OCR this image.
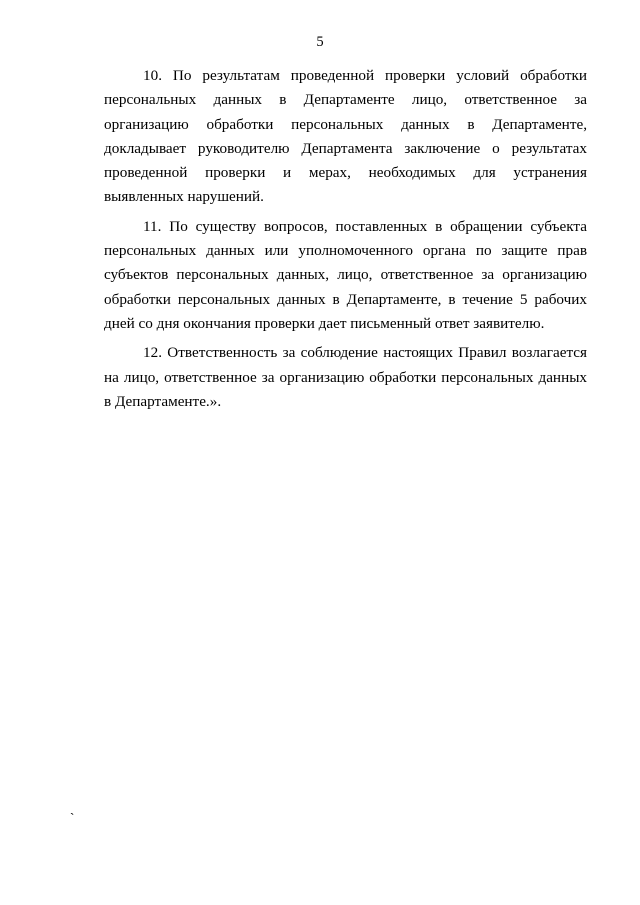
5

10. По результатам проведенной проверки условий обработки персональных данных в Департаменте лицо, ответственное за организацию обработки персональных данных в Департаменте, докладывает руководителю Департамента заключение о результатах проведенной проверки и мерах, необходимых для устранения выявленных нарушений.

11. По существу вопросов, поставленных в обращении субъекта персональных данных или уполномоченного органа по защите прав субъектов персональных данных, лицо, ответственное за организацию обработки персональных данных в Департаменте, в течение 5 рабочих дней со дня окончания проверки дает письменный ответ заявителю.

12. Ответственность за соблюдение настоящих Правил возлагается на лицо, ответственное за организацию обработки персональных данных в Департаменте.».

`
